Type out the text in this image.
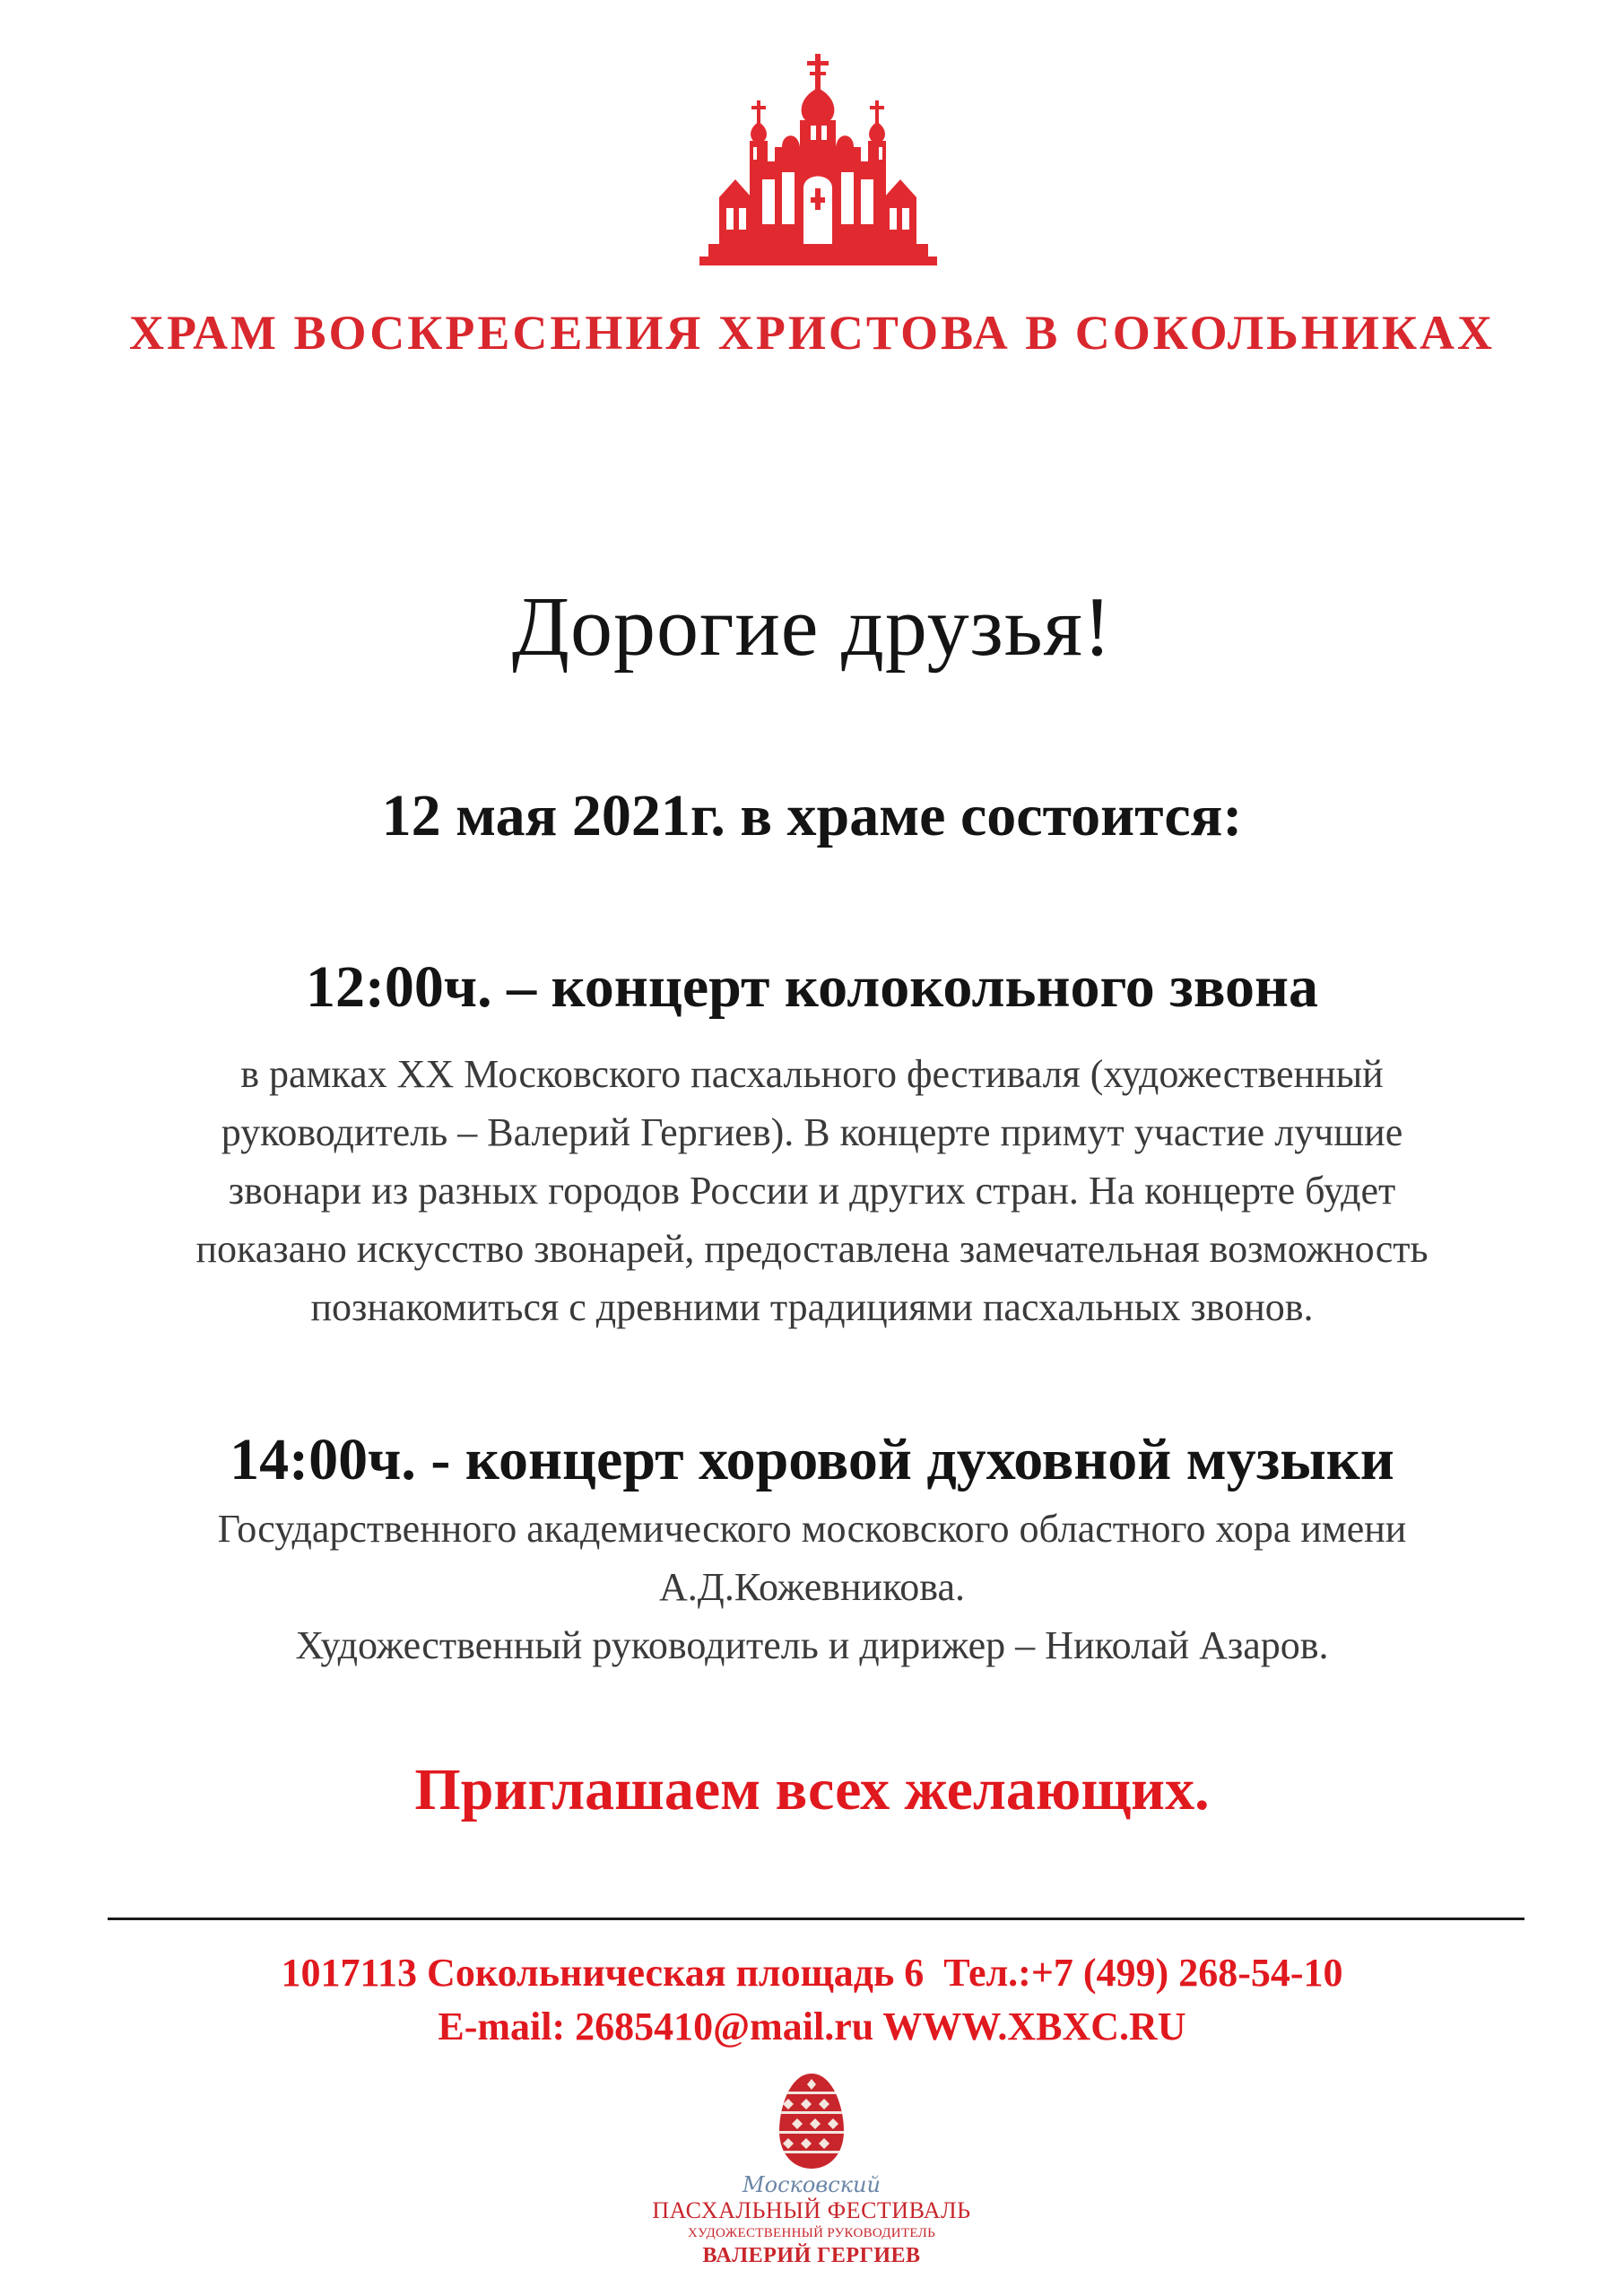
ХРАМ ВОСКРЕСЕНИЯ ХРИСТОВА В СОКОЛЬНИКАХ
Дорогие друзья!
12 мая 2021г. в храме состоится:
12:00ч. – концерт колокольного звона
в рамках XX Московского пасхального фестиваля (художественный
руководитель – Валерий Гергиев). В концерте примут участие лучшие
звонари из разных городов России и других стран. На концерте будет
показано искусство звонарей, предоставлена замечательная возможность
познакомиться с древними традициями пасхальных звонов.
14:00ч. - концерт хоровой духовной музыки
Государственного академического московского областного хора имени
А.Д.Кожевникова.
Художественный руководитель и дирижер – Николай Азаров.
Приглашаем всех желающих.
1017113 Сокольническая площадь 6  Тел.:+7 (499) 268-54-10
E-mail: 2685410@mail.ru WWW.XBXC.RU
Московский
ПАСХАЛЬНЫЙ ФЕСТИВАЛЬ
ХУДОЖЕСТВЕННЫЙ РУКОВОДИТЕЛЬ
ВАЛЕРИЙ ГЕРГИЕВ
